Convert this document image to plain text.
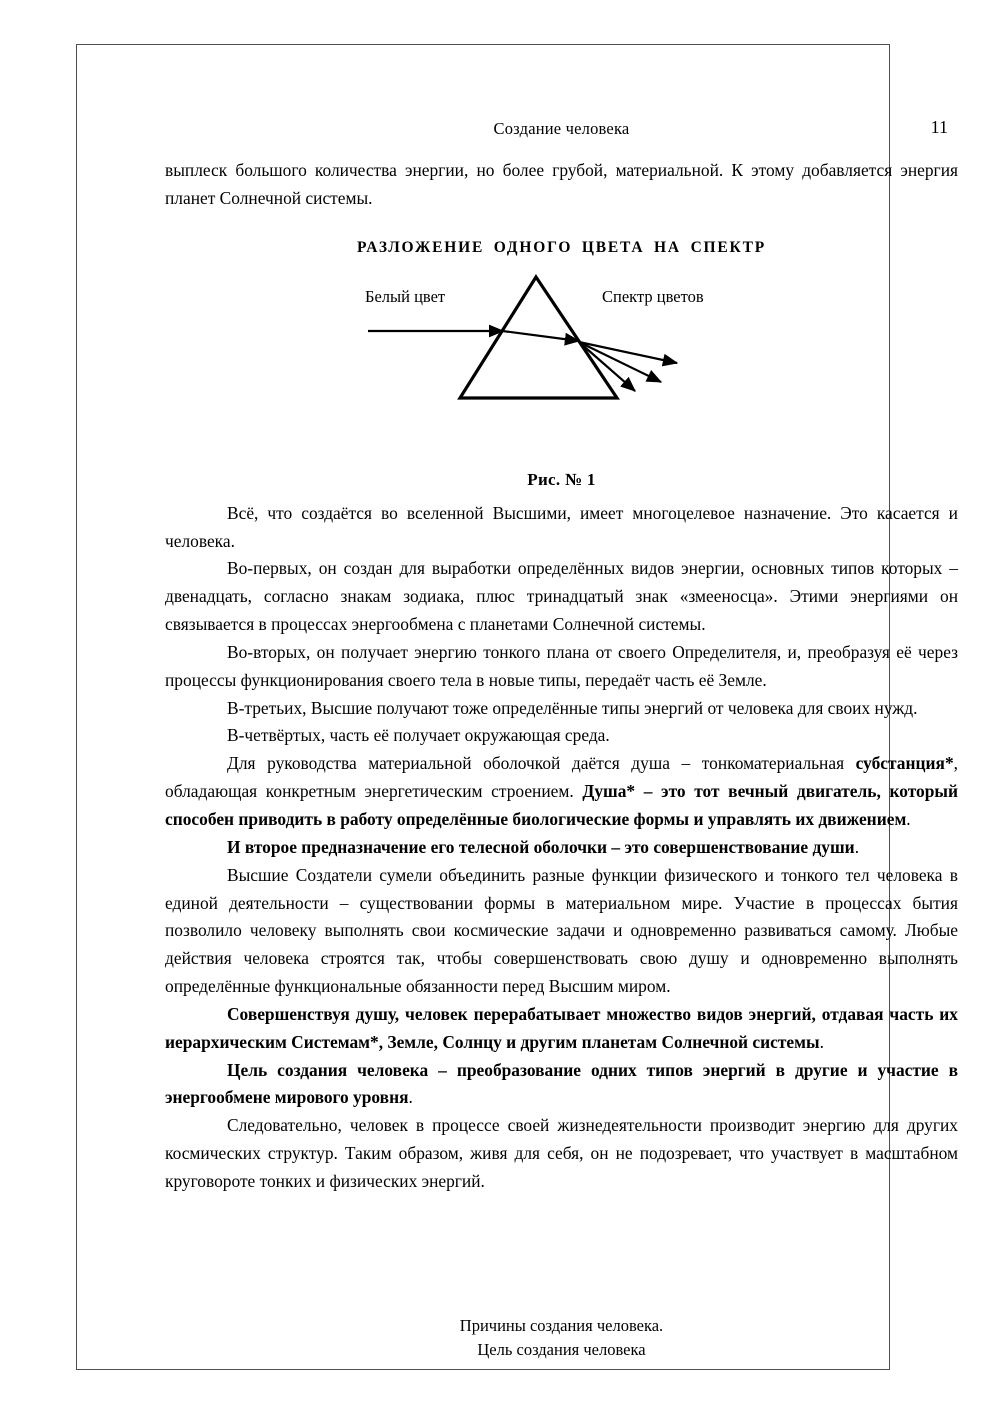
Создание человека	11

выплеск большого количества энергии, но более грубой, материальной. К этому добавляется энергия планет Солнечной системы.

РАЗЛОЖЕНИЕ ОДНОГО ЦВЕТА НА СПЕКТР
Белый цвет	Спектр цветов
Рис. № 1

Всё, что создаётся во вселенной Высшими, имеет многоцелевое назначение. Это касается и человека.

Во-первых, он создан для выработки определённых видов энергии, основных типов которых – двенадцать, согласно знакам зодиака, плюс тринадцатый знак «змееносца». Этими энергиями он связывается в процессах энергообмена с планетами Солнечной системы.

Во-вторых, он получает энергию тонкого плана от своего Определителя, и, преобразуя её через процессы функционирования своего тела в новые типы, передаёт часть её Земле.

В-третьих, Высшие получают тоже определённые типы энергий от человека для своих нужд.

В-четвёртых, часть её получает окружающая среда.

Для руководства материальной оболочкой даётся душа – тонкоматериальная субстанция*, обладающая конкретным энергетическим строением. Душа* – это тот вечный двигатель, который способен приводить в работу определённые биологические формы и управлять их движением.

И второе предназначение его телесной оболочки – это совершенствование души.

Высшие Создатели сумели объединить разные функции физического и тонкого тел человека в единой деятельности – существовании формы в материальном мире. Участие в процессах бытия позволило человеку выполнять свои космические задачи и одновременно развиваться самому. Любые действия человека строятся так, чтобы совершенствовать свою душу и одновременно выполнять определённые функциональные обязанности перед Высшим миром.

Совершенствуя душу, человек перерабатывает множество видов энергий, отдавая часть их иерархическим Системам*, Земле, Солнцу и другим планетам Солнечной системы.

Цель создания человека – преобразование одних типов энергий в другие и участие в энергообмене мирового уровня.

Следовательно, человек в процессе своей жизнедеятельности производит энергию для других космических структур. Таким образом, живя для себя, он не подозревает, что участвует в масштабном круговороте тонких и физических энергий.

Причины создания человека.
Цель создания человека
